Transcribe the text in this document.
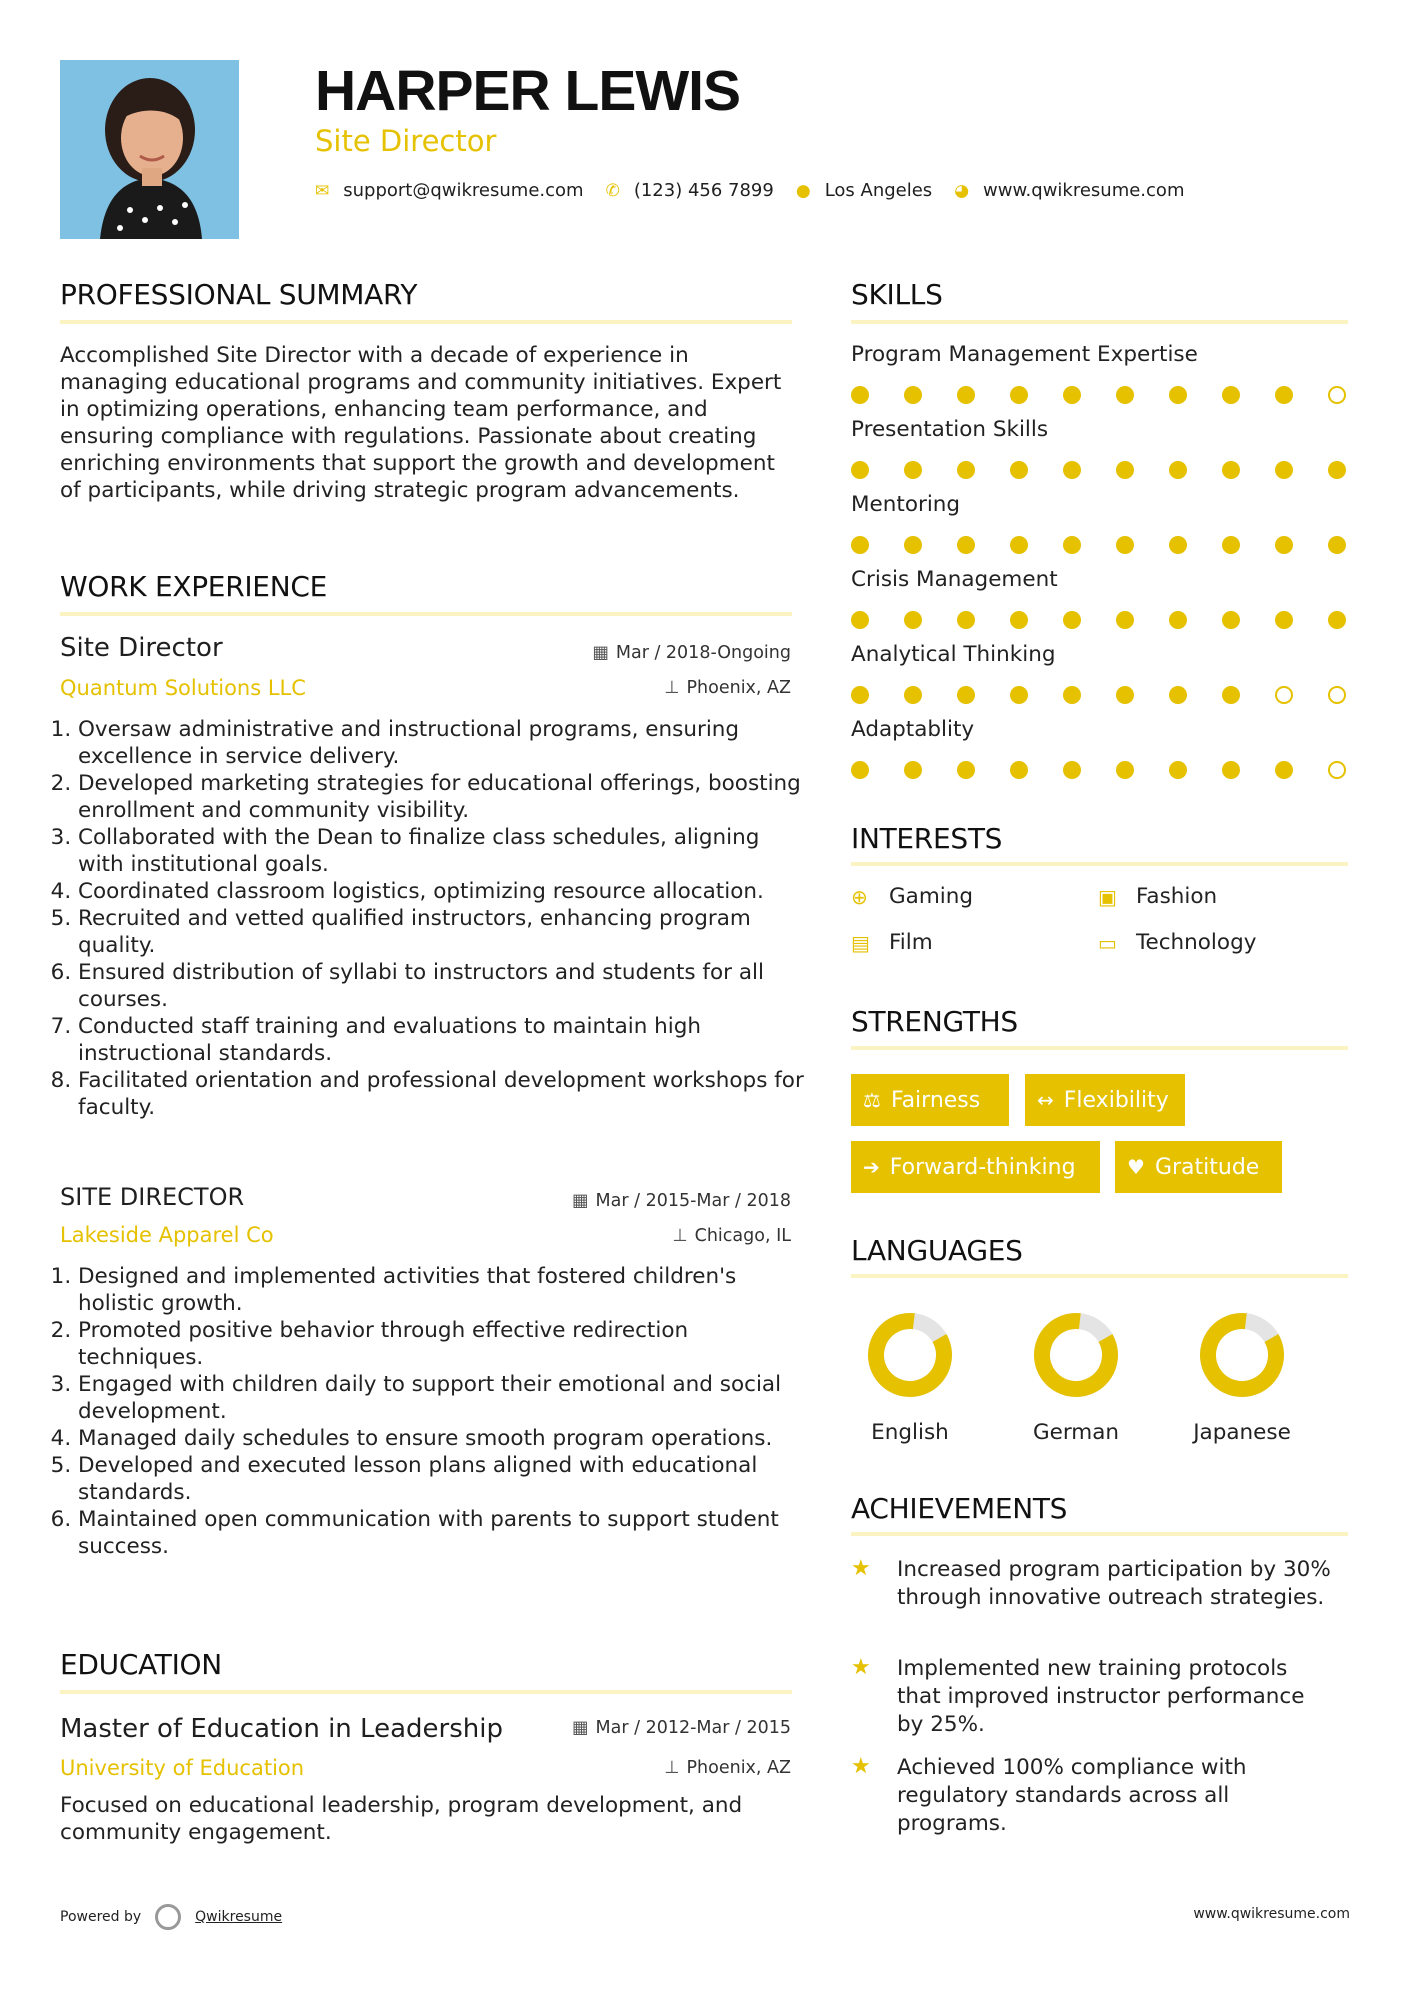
HARPER LEWIS
Site Director
✉ support@qwikresume.com ✆ (123) 456 7899 ● Los Angeles ◕ www.qwikresume.com
PROFESSIONAL SUMMARY
Accomplished Site Director with a decade of experience in managing educational programs and community initiatives. Expert in optimizing operations, enhancing team performance, and ensuring compliance with regulations. Passionate about creating enriching environments that support the growth and development of participants, while driving strategic program advancements.
WORK EXPERIENCE
Site Director	▦ Mar / 2018-Ongoing
Quantum Solutions LLC	⊥ Phoenix, AZ
1. Oversaw administrative and instructional programs, ensuring excellence in service delivery.
2. Developed marketing strategies for educational offerings, boosting enrollment and community visibility.
3. Collaborated with the Dean to finalize class schedules, aligning with institutional goals.
4. Coordinated classroom logistics, optimizing resource allocation.
5. Recruited and vetted qualified instructors, enhancing program quality.
6. Ensured distribution of syllabi to instructors and students for all courses.
7. Conducted staff training and evaluations to maintain high instructional standards.
8. Facilitated orientation and professional development workshops for faculty.
SITE DIRECTOR	▦ Mar / 2015-Mar / 2018
Lakeside Apparel Co	⊥ Chicago, IL
1. Designed and implemented activities that fostered children's holistic growth.
2. Promoted positive behavior through effective redirection techniques.
3. Engaged with children daily to support their emotional and social development.
4. Managed daily schedules to ensure smooth program operations.
5. Developed and executed lesson plans aligned with educational standards.
6. Maintained open communication with parents to support student success.
EDUCATION
Master of Education in Leadership	▦ Mar / 2012-Mar / 2015
University of Education	⊥ Phoenix, AZ
Focused on educational leadership, program development, and community engagement.
SKILLS
Program Management Expertise
Presentation Skills
Mentoring
Crisis Management
Analytical Thinking
Adaptablity
INTERESTS
⊕ Gaming	▣ Fashion
▤ Film	▭ Technology
STRENGTHS
⚖ Fairness	↔ Flexibility
➔ Forward-thinking	♥ Gratitude
LANGUAGES
English	German	Japanese
ACHIEVEMENTS
★	Increased program participation by 30% through innovative outreach strategies.
★	Implemented new training protocols that improved instructor performance by 25%.
★	Achieved 100% compliance with regulatory standards across all programs.
Powered by	Qwikresume	www.qwikresume.com
